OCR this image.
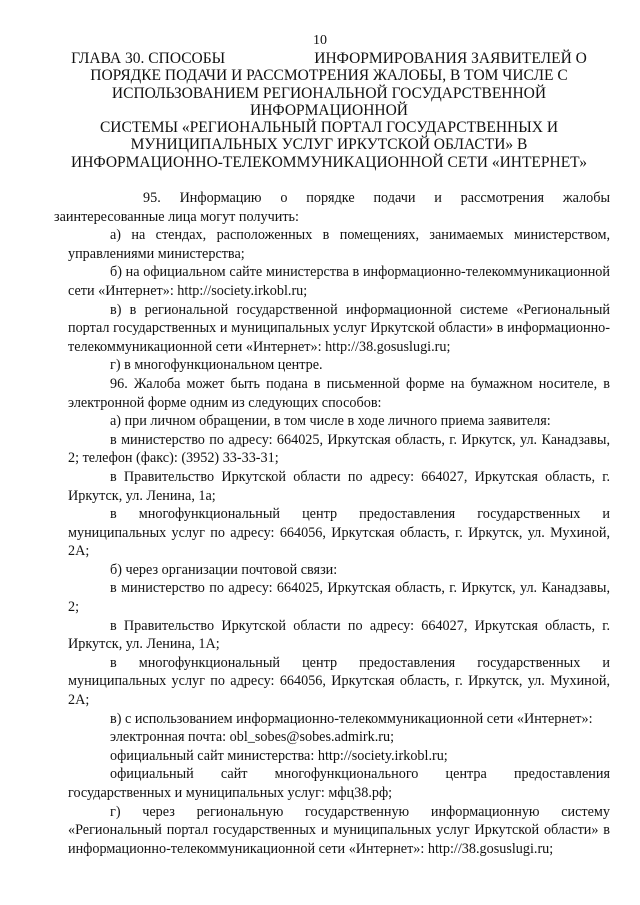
10
ГЛАВА 30. СПОСОБЫ                       ИНФОРМИРОВАНИЯ ЗАЯВИТЕЛЕЙ О
ПОРЯДКЕ ПОДАЧИ И РАССМОТРЕНИЯ ЖАЛОБЫ, В ТОМ ЧИСЛЕ С
ИСПОЛЬЗОВАНИЕМ РЕГИОНАЛЬНОЙ ГОСУДАРСТВЕННОЙ
ИНФОРМАЦИОННОЙ
СИСТЕМЫ «РЕГИОНАЛЬНЫЙ ПОРТАЛ ГОСУДАРСТВЕННЫХ И
МУНИЦИПАЛЬНЫХ УСЛУГ ИРКУТСКОЙ ОБЛАСТИ» В
ИНФОРМАЦИОННО-ТЕЛЕКОММУНИКАЦИОННОЙ СЕТИ «ИНТЕРНЕТ»

95. Информацию о порядке подачи и рассмотрения жалобы заинтересованные лица могут получить:

а) на стендах, расположенных в помещениях, занимаемых министерством, управлениями министерства;

б) на официальном сайте министерства в информационно-телекоммуникационной сети «Интернет»: http://society.irkobl.ru;

в) в региональной государственной информационной системе «Региональный портал государственных и муниципальных услуг Иркутской области» в информационно-телекоммуникационной сети «Интернет»: http://38.gosuslugi.ru;

г) в многофункциональном центре.

96. Жалоба может быть подана в письменной форме на бумажном носителе, в электронной форме одним из следующих способов:

а) при личном обращении, в том числе в ходе личного приема заявителя:

в министерство по адресу: 664025, Иркутская область, г. Иркутск, ул. Канадзавы, 2; телефон (факс): (3952) 33-33-31;

в Правительство Иркутской области по адресу: 664027, Иркутская область, г. Иркутск, ул. Ленина, 1а;

в многофункциональный центр предоставления государственных и муниципальных услуг по адресу: 664056, Иркутская область, г. Иркутск, ул. Мухиной, 2А;

б) через организации почтовой связи:

в министерство по адресу: 664025, Иркутская область, г. Иркутск, ул. Канадзавы, 2;

в Правительство Иркутской области по адресу: 664027, Иркутская область, г. Иркутск, ул. Ленина, 1А;

в многофункциональный центр предоставления государственных и муниципальных услуг по адресу: 664056, Иркутская область, г. Иркутск, ул. Мухиной, 2А;

в) с использованием информационно-телекоммуникационной сети «Интернет»:

электронная почта: obl_sobes@sobes.admirk.ru;

официальный сайт министерства: http://society.irkobl.ru;

официальный сайт многофункционального центра предоставления государственных и муниципальных услуг: мфц38.рф;

г) через региональную государственную информационную систему «Региональный портал государственных и муниципальных услуг Иркутской области» в информационно-телекоммуникационной сети «Интернет»: http://38.gosuslugi.ru;
